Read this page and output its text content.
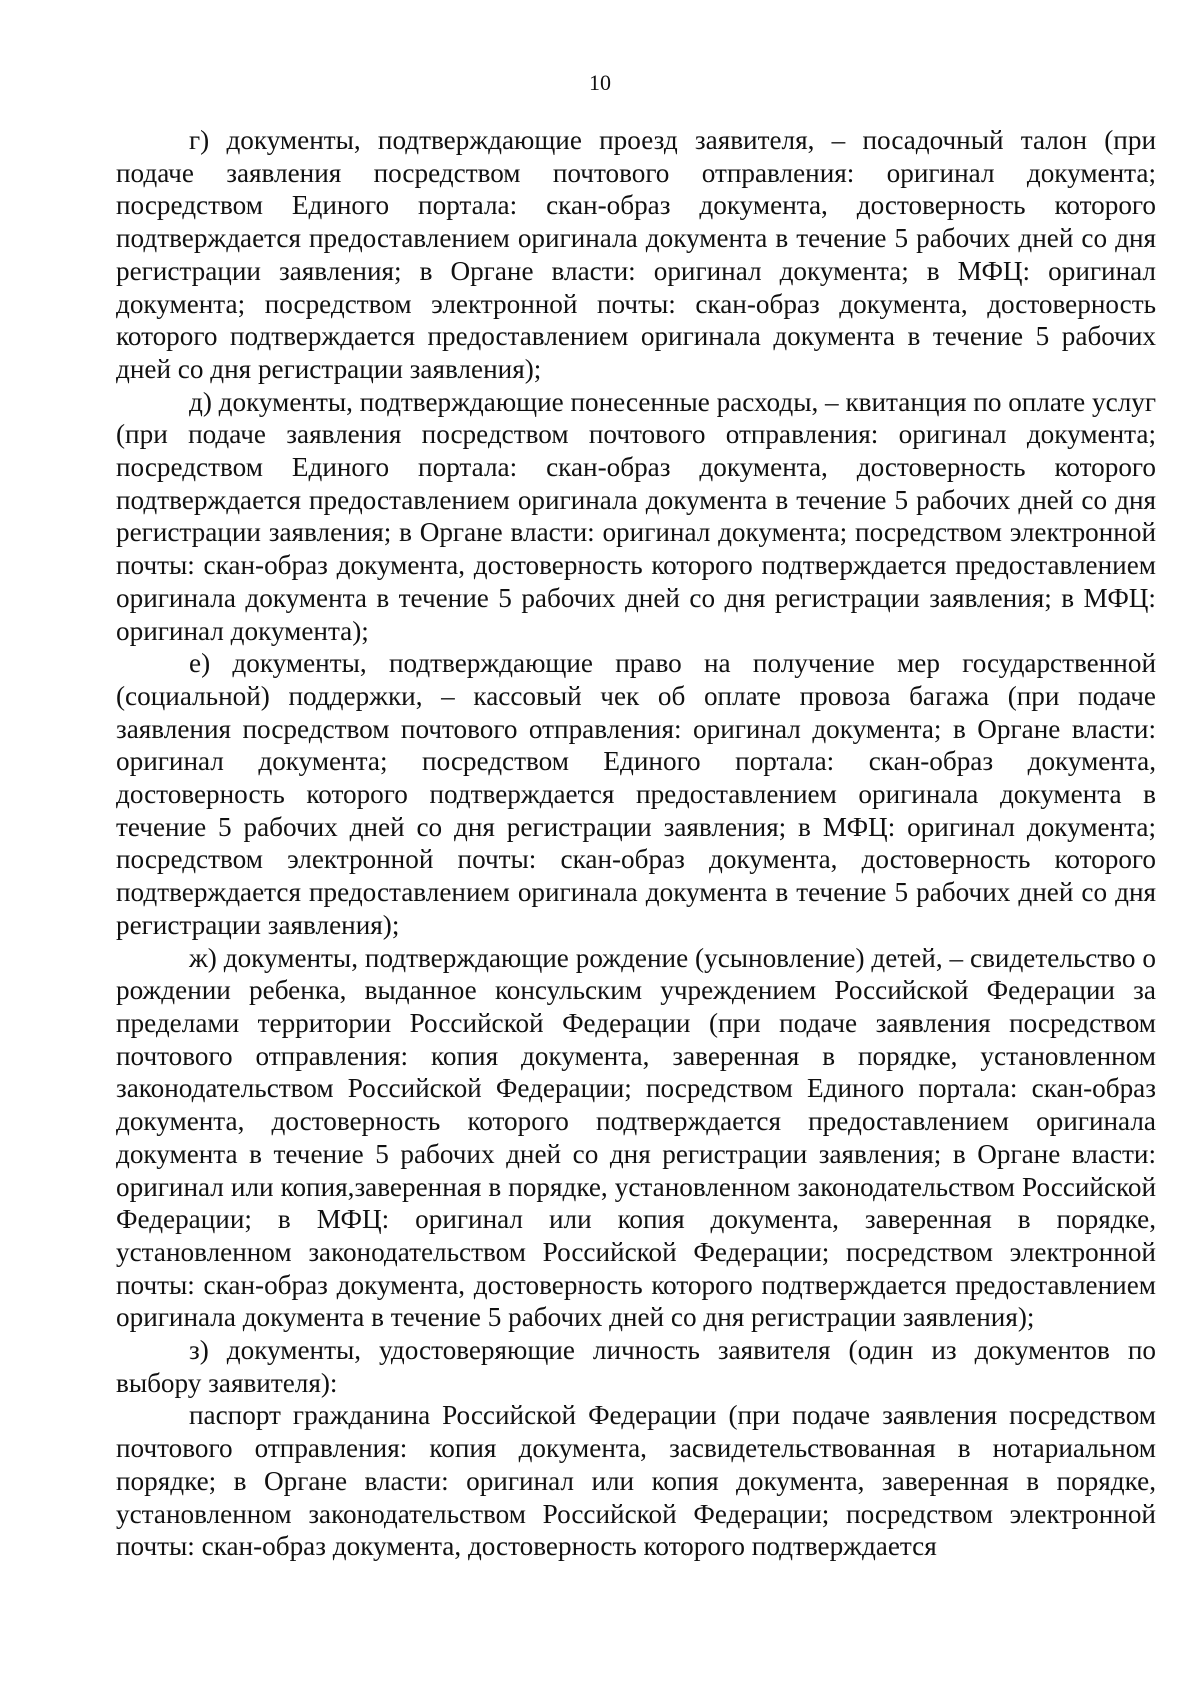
10

г) документы, подтверждающие проезд заявителя, – посадочный талон (при подаче заявления посредством почтового отправления: оригинал документа; посредством Единого портала: скан-образ документа, достоверность которого подтверждается предоставлением оригинала документа в течение 5 рабочих дней со дня регистрации заявления; в Органе власти: оригинал документа; в МФЦ: оригинал документа; посредством электронной почты: скан-образ документа, достоверность которого подтверждается предоставлением оригинала документа в течение 5 рабочих дней со дня регистрации заявления);

д) документы, подтверждающие понесенные расходы, – квитанция по оплате услуг (при подаче заявления посредством почтового отправления: оригинал документа; посредством Единого портала: скан-образ документа, достоверность которого подтверждается предоставлением оригинала документа в течение 5 рабочих дней со дня регистрации заявления; в Органе власти: оригинал документа; посредством электронной почты: скан-образ документа, достоверность которого подтверждается предоставлением оригинала документа в течение 5 рабочих дней со дня регистрации заявления; в МФЦ: оригинал документа);

е) документы, подтверждающие право на получение мер государственной (социальной) поддержки, – кассовый чек об оплате провоза багажа (при подаче заявления посредством почтового отправления: оригинал документа; в Органе власти: оригинал документа; посредством Единого портала: скан-образ документа, достоверность которого подтверждается предоставлением оригинала документа в течение 5 рабочих дней со дня регистрации заявления; в МФЦ: оригинал документа; посредством электронной почты: скан-образ документа, достоверность которого подтверждается предоставлением оригинала документа в течение 5 рабочих дней со дня регистрации заявления);

ж) документы, подтверждающие рождение (усыновление) детей, – свидетельство о рождении ребенка, выданное консульским учреждением Российской Федерации за пределами территории Российской Федерации (при подаче заявления посредством почтового отправления: копия документа, заверенная в порядке, установленном законодательством Российской Федерации; посредством Единого портала: скан-образ документа, достоверность которого подтверждается предоставлением оригинала документа в течение 5 рабочих дней со дня регистрации заявления; в Органе власти: оригинал или копия,заверенная в порядке, установленном законодательством Российской Федерации; в МФЦ: оригинал или копия документа, заверенная в порядке, установленном законодательством Российской Федерации; посредством электронной почты: скан-образ документа, достоверность которого подтверждается предоставлением оригинала документа в течение 5 рабочих дней со дня регистрации заявления);

з) документы, удостоверяющие личность заявителя (один из документов по выбору заявителя):

паспорт гражданина Российской Федерации (при подаче заявления посредством почтового отправления: копия документа, засвидетельствованная в нотариальном порядке; в Органе власти: оригинал или копия документа, заверенная в порядке, установленном законодательством Российской Федерации; посредством электронной почты: скан-образ документа, достоверность которого подтверждается
